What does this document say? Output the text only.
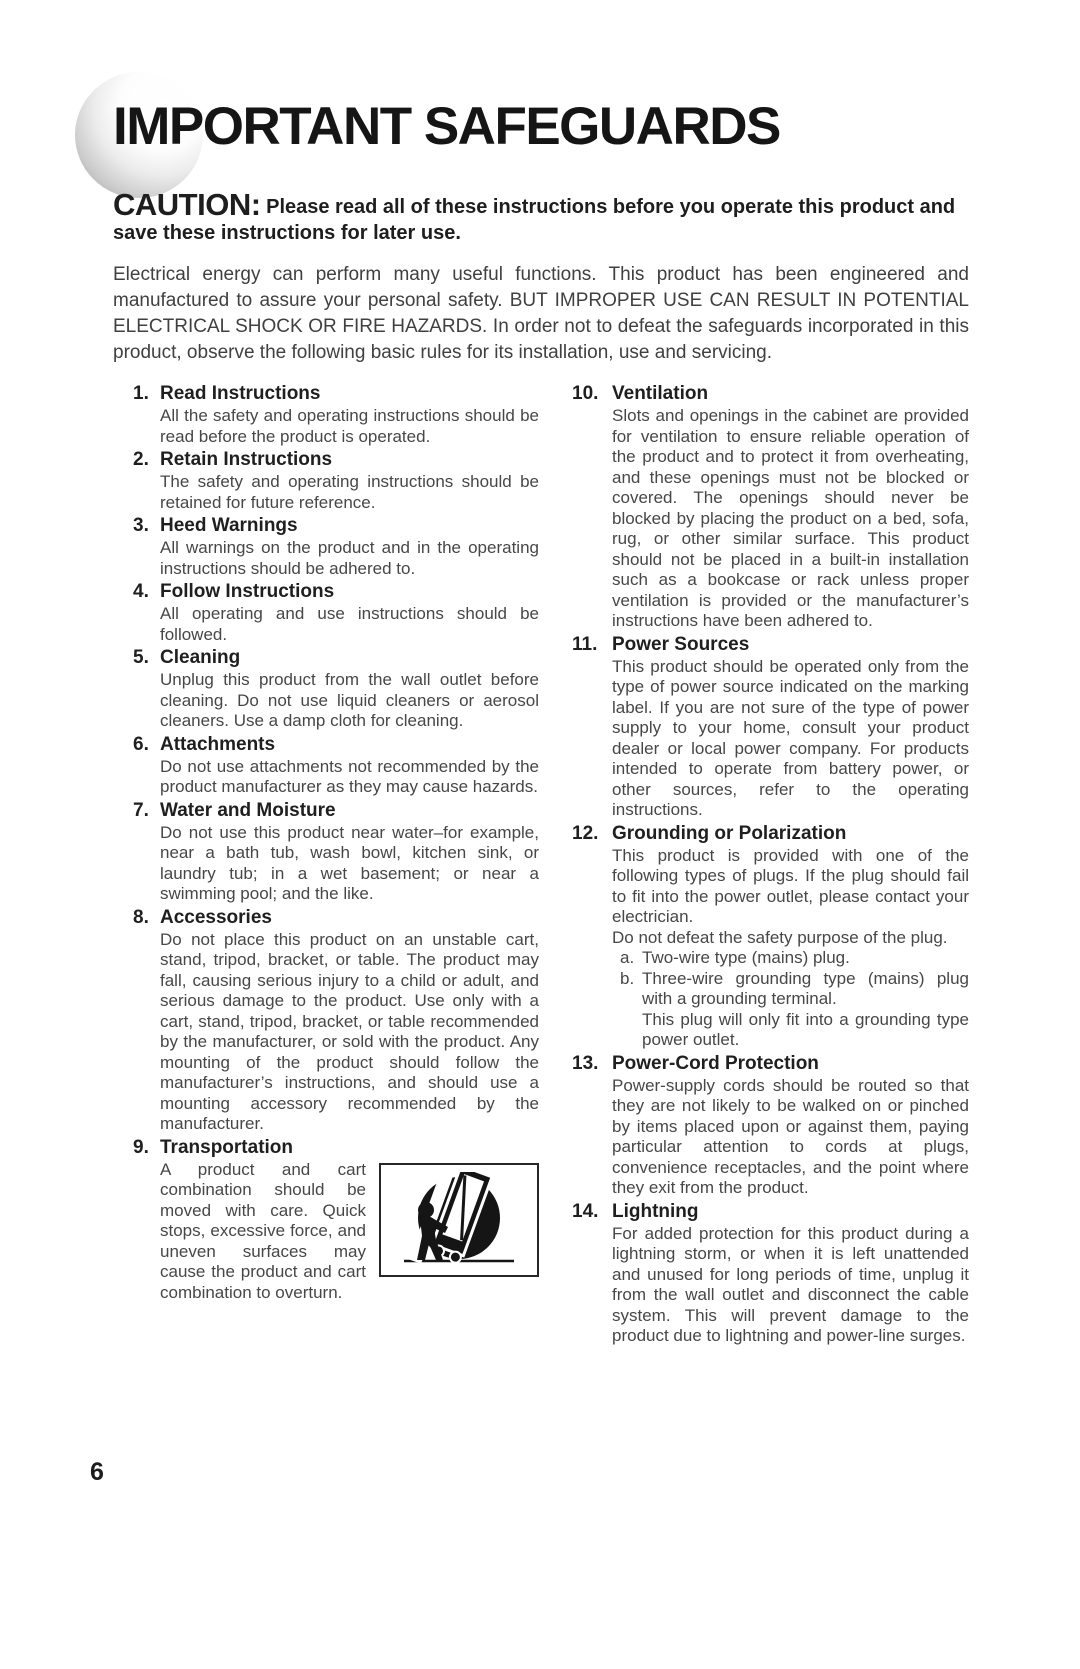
IMPORTANT SAFEGUARDS

CAUTION: Please read all of these instructions before you operate this product and save these instructions for later use.

Electrical energy can perform many useful functions. This product has been engineered and manufactured to assure your personal safety. BUT IMPROPER USE CAN RESULT IN POTENTIAL ELECTRICAL SHOCK OR FIRE HAZARDS. In order not to defeat the safeguards incorporated in this product, observe the following basic rules for its installation, use and servicing.

1. Read Instructions
All the safety and operating instructions should be read before the product is operated.
2. Retain Instructions
The safety and operating instructions should be retained for future reference.
3. Heed Warnings
All warnings on the product and in the operating instructions should be adhered to.
4. Follow Instructions
All operating and use instructions should be followed.
5. Cleaning
Unplug this product from the wall outlet before cleaning. Do not use liquid cleaners or aerosol cleaners. Use a damp cloth for cleaning.
6. Attachments
Do not use attachments not recommended by the product manufacturer as they may cause hazards.
7. Water and Moisture
Do not use this product near water–for example, near a bath tub, wash bowl, kitchen sink, or laundry tub; in a wet basement; or near a swimming pool; and the like.
8. Accessories
Do not place this product on an unstable cart, stand, tripod, bracket, or table. The product may fall, causing serious injury to a child or adult, and serious damage to the product. Use only with a cart, stand, tripod, bracket, or table recommended by the manufacturer, or sold with the product. Any mounting of the product should follow the manufacturer’s instructions, and should use a mounting accessory recommended by the manufacturer.
9. Transportation
A product and cart combination should be moved with care. Quick stops, excessive force, and uneven surfaces may cause the product and cart combination to overturn.
10. Ventilation
Slots and openings in the cabinet are provided for ventilation to ensure reliable operation of the product and to protect it from overheating, and these openings must not be blocked or covered. The openings should never be blocked by placing the product on a bed, sofa, rug, or other similar surface. This product should not be placed in a built-in installation such as a bookcase or rack unless proper ventilation is provided or the manufacturer’s instructions have been adhered to.
11. Power Sources
This product should be operated only from the type of power source indicated on the marking label. If you are not sure of the type of power supply to your home, consult your product dealer or local power company. For products intended to operate from battery power, or other sources, refer to the operating instructions.
12. Grounding or Polarization
This product is provided with one of the following types of plugs. If the plug should fail to fit into the power outlet, please contact your electrician.
Do not defeat the safety purpose of the plug.
a. Two-wire type (mains) plug.
b. Three-wire grounding type (mains) plug with a grounding terminal.
This plug will only fit into a grounding type power outlet.
13. Power-Cord Protection
Power-supply cords should be routed so that they are not likely to be walked on or pinched by items placed upon or against them, paying particular attention to cords at plugs, convenience receptacles, and the point where they exit from the product.
14. Lightning
For added protection for this product during a lightning storm, or when it is left unattended and unused for long periods of time, unplug it from the wall outlet and disconnect the cable system. This will prevent damage to the product due to lightning and power-line surges.
6
